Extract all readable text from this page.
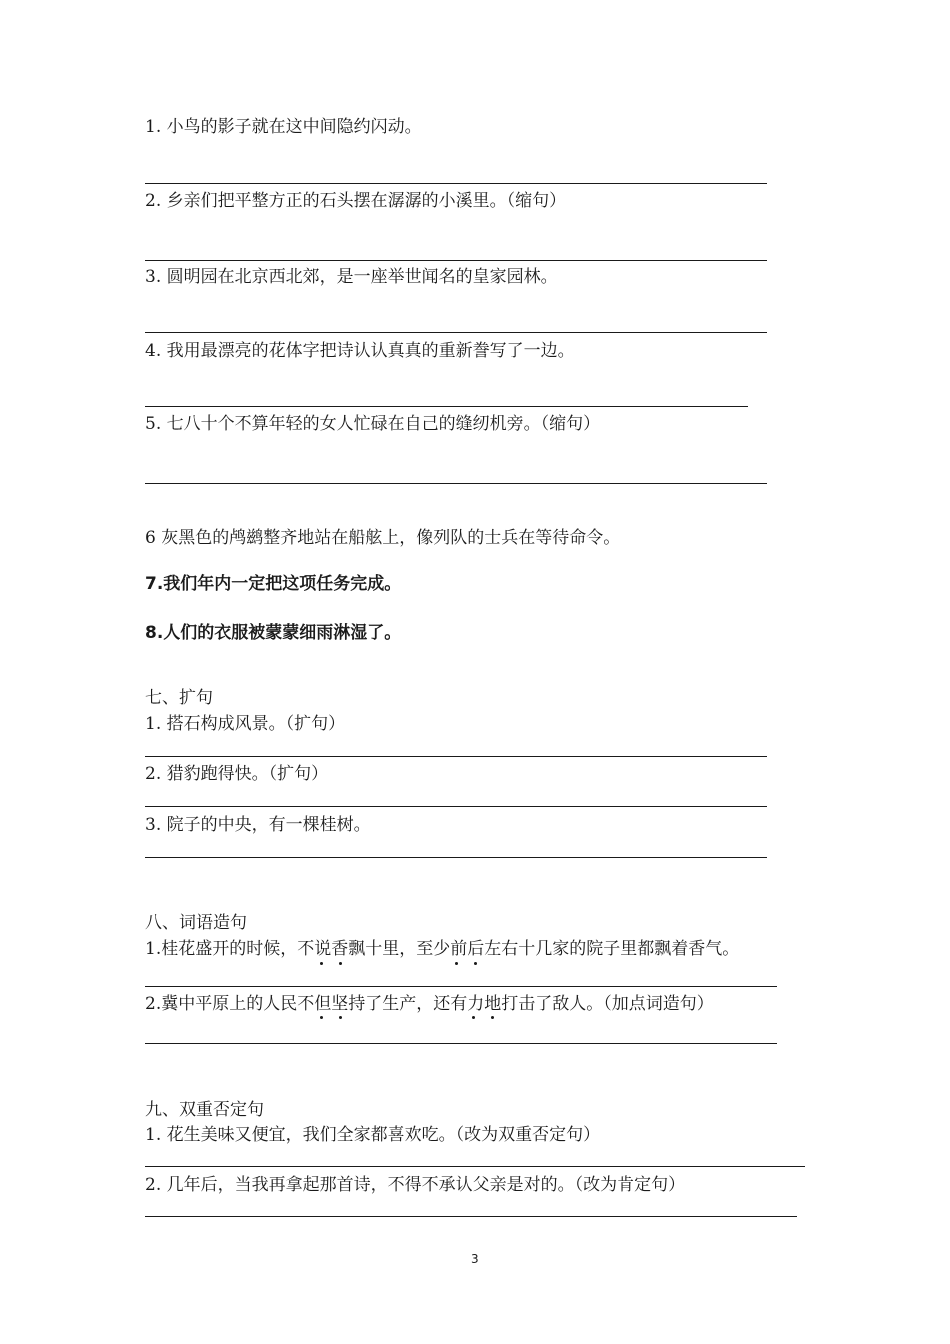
1. 小鸟的影子就在这中间隐约闪动。
2. 乡亲们把平整方正的石头摆在潺潺的小溪里。（缩句）
3. 圆明园在北京西北郊，是一座举世闻名的皇家园林。
4. 我用最漂亮的花体字把诗认认真真的重新誊写了一边。
5. 七八十个不算年轻的女人忙碌在自己的缝纫机旁。（缩句）
6 灰黑色的鸬鹚整齐地站在船舷上，像列队的士兵在等待命令。
7.我们年内一定把这项任务完成。
8.人们的衣服被蒙蒙细雨淋湿了。
七、扩句
1. 搭石构成风景。（扩句）
2. 猎豹跑得快。（扩句）
3. 院子的中央，有一棵桂树。
八、词语造句
1.桂花盛开的时候，不说香飘十里，至少前后左右十几家的院子里都飘着香气。
2.冀中平原上的人民不但坚持了生产，还有力地打击了敌人。（加点词造句）
九、双重否定句
1. 花生美味又便宜，我们全家都喜欢吃。（改为双重否定句）
2. 几年后，当我再拿起那首诗，不得不承认父亲是对的。（改为肯定句）
3
